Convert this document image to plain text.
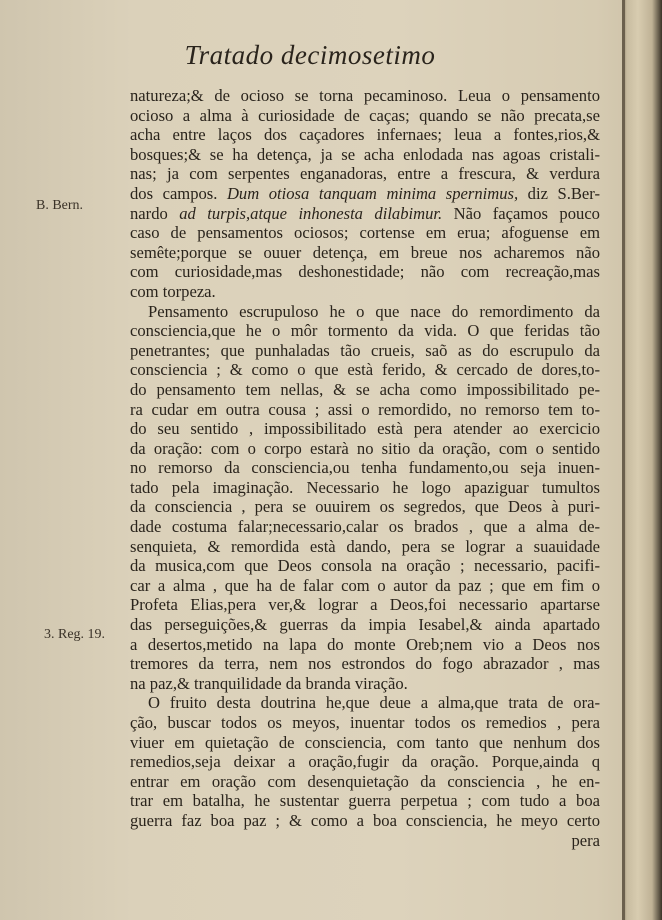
Tratado decimosetimo
B. Bern.
3. Reg. 19.
natureza;& de ocioso se torna pecaminoso. Leua o pensamento
ocioso a alma à curiosidade de caças; quando se não precata,se
acha entre laços dos caçadores infernaes; leua a fontes,rios,&
bosques;& se ha detença, ja se acha enlodada nas agoas cristali-
nas; ja com serpentes enganadoras, entre a frescura, & verdura
dos campos. Dum otiosa tanquam minima spernimus, diz S.Ber-
nardo ad turpis,atque inhonesta dilabimur. Não façamos pouco
caso de pensamentos ociosos; cortense em erua; afoguense em
semête;porque se ouuer detença, em breue nos acharemos não
com curiosidade,mas deshonestidade; não com recreação,mas
com torpeza.
Pensamento escrupuloso he o que nace do remordimento da
consciencia,que he o môr tormento da vida. O que feridas tão
penetrantes; que punhaladas tão crueis, saõ as do escrupulo da
consciencia ; & como o que està ferido, & cercado de dores,to-
do pensamento tem nellas, & se acha como impossibilitado pe-
ra cudar em outra cousa ; assi o remordido, no remorso tem to-
do seu sentido , impossibilitado està pera atender ao exercicio
da oração: com o corpo estarà no sitio da oração, com o sentido
no remorso da consciencia,ou tenha fundamento,ou seja inuen-
tado pela imaginação. Necessario he logo apaziguar tumultos
da consciencia , pera se ouuirem os segredos, que Deos à puri-
dade costuma falar;necessario,calar os brados , que a alma de-
senquieta, & remordida està dando, pera se lograr a suauidade
da musica,com que Deos consola na oração ; necessario, pacifi-
car a alma , que ha de falar com o autor da paz ; que em fim o
Profeta Elias,pera ver,& lograr a Deos,foi necessario apartarse
das perseguições,& guerras da impia Iesabel,& ainda apartado
a desertos,metido na lapa do monte Oreb;nem vio a Deos nos
tremores da terra, nem nos estrondos do fogo abrazador , mas
na paz,& tranquilidade da branda viração.
O fruito desta doutrina he,que deue a alma,que trata de ora-
ção, buscar todos os meyos, inuentar todos os remedios , pera
viuer em quietação de consciencia, com tanto que nenhum dos
remedios,seja deixar a oração,fugir da oração. Porque,ainda q
entrar em oração com desenquietação da consciencia , he en-
trar em batalha, he sustentar guerra perpetua ; com tudo a boa
guerra faz boa paz ; & como a boa consciencia, he meyo certo
pera
